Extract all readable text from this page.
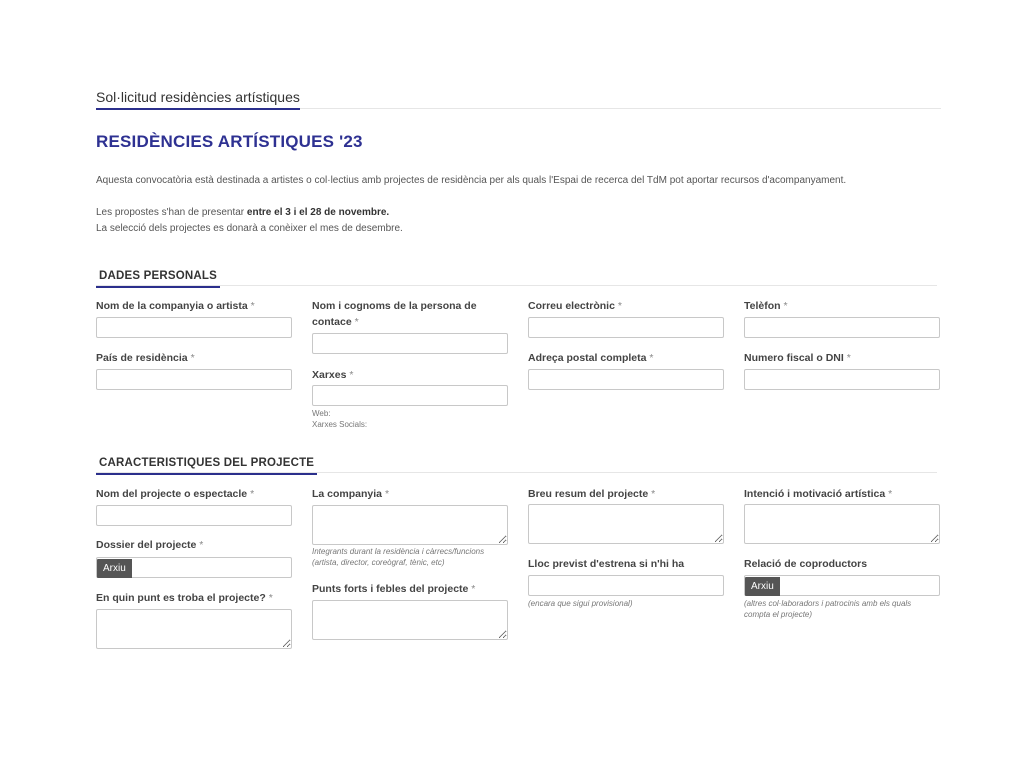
Sol·licitud residències artístiques
RESIDÈNCIES ARTÍSTIQUES '23

Aquesta convocatòria està destinada a artistes o col·lectius amb projectes de residència per als quals l'Espai de recerca del TdM pot aportar recursos d'acompanyament.

Les propostes s'han de presentar entre el 3 i el 28 de novembre.
La selecció dels projectes es donarà a conèixer el mes de desembre.
DADES PERSONALS
Nom de la companyia o artista *
País de residència *
Nom i cognoms de la persona de contace *
Xarxes *
Web:
Xarxes Socials:
Correu electrònic *
Adreça postal completa *
Telèfon *
Numero fiscal o DNI *
CARACTERISTIQUES DEL PROJECTE
Nom del projecte o espectacle *
Dossier del projecte *
Arxiu
En quin punt es troba el projecte? *
La companyia *
Integrants durant la residència i càrrecs/funcions (artista, director, coreògraf, tènic, etc)
Punts forts i febles del projecte *
Breu resum del projecte *
Lloc previst d'estrena si n'hi ha
(encara que sigui provisional)
Intenció i motivació artística *
Relació de coproductors
Arxiu
(altres col·laboradors i patrocinis amb els quals compta el projecte)
